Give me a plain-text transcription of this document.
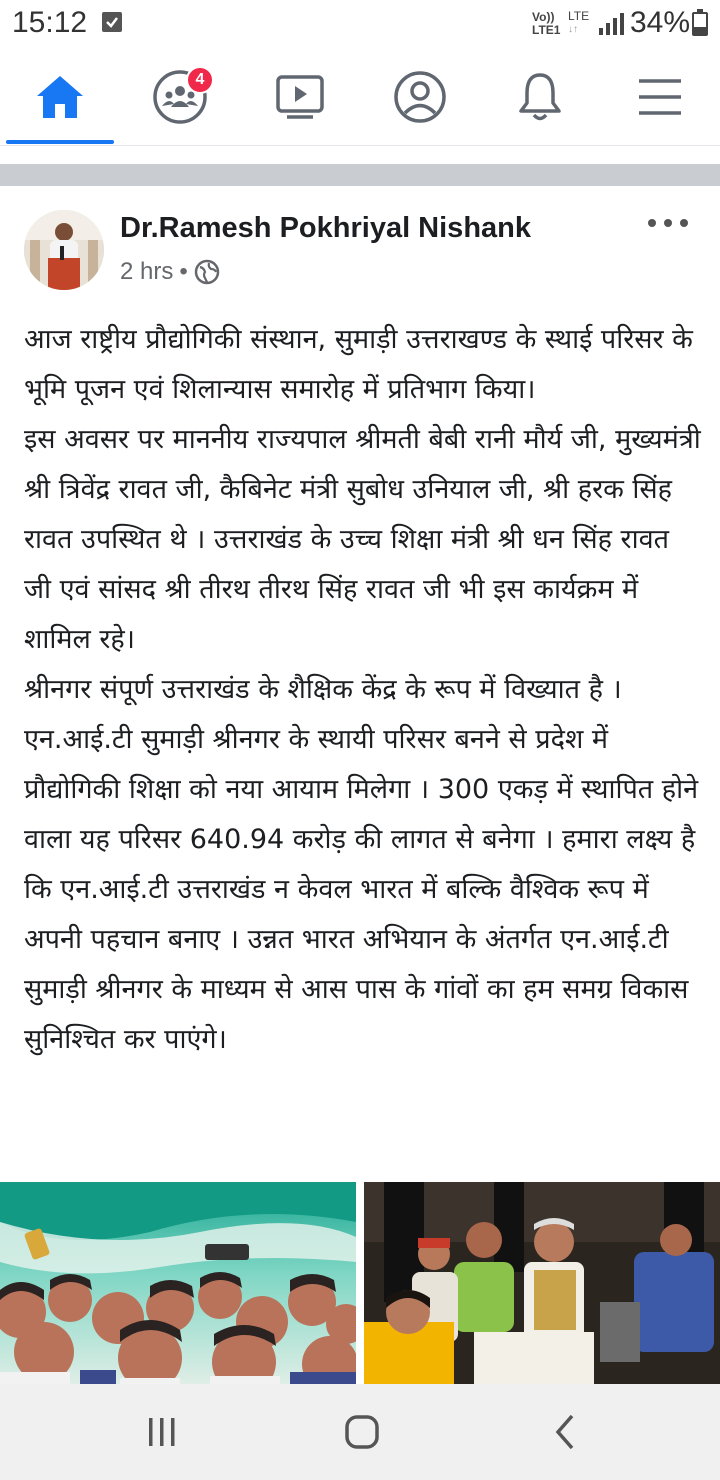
15:12	Vo))
LTE1
LTE
↓↑	34%
4
Dr.Ramesh Pokhriyal Nishank
2 hrs •

आज राष्ट्रीय प्रौद्योगिकी संस्थान, सुमाड़ी उत्तराखण्ड के स्थाई परिसर के भूमि पूजन एवं शिलान्यास समारोह में प्रतिभाग किया।

इस अवसर पर माननीय राज्यपाल श्रीमती बेबी रानी मौर्य जी, मुख्यमंत्री श्री त्रिवेंद्र रावत जी, कैबिनेट मंत्री सुबोध उनियाल जी, श्री हरक सिंह रावत उपस्थित थे । उत्तराखंड के उच्च शिक्षा मंत्री श्री धन सिंह रावत जी एवं सांसद श्री तीरथ तीरथ सिंह रावत जी भी इस कार्यक्रम में शामिल रहे।

श्रीनगर संपूर्ण उत्तराखंड के शैक्षिक केंद्र के रूप में विख्यात है । एन.आई.टी सुमाड़ी श्रीनगर के स्थायी परिसर बनने से प्रदेश में प्रौद्योगिकी शिक्षा को नया आयाम मिलेगा । 300 एकड़ में स्थापित होने वाला यह परिसर 640.94 करोड़ की लागत से बनेगा । हमारा लक्ष्य है कि एन.आई.टी उत्तराखंड न केवल भारत में बल्कि वैश्विक रूप में अपनी पहचान बनाए । उन्नत भारत अभियान के अंतर्गत एन.आई.टी सुमाड़ी श्रीनगर के माध्यम से आस पास के गांवों का हम समग्र विकास सुनिश्चित कर पाएंगे।
